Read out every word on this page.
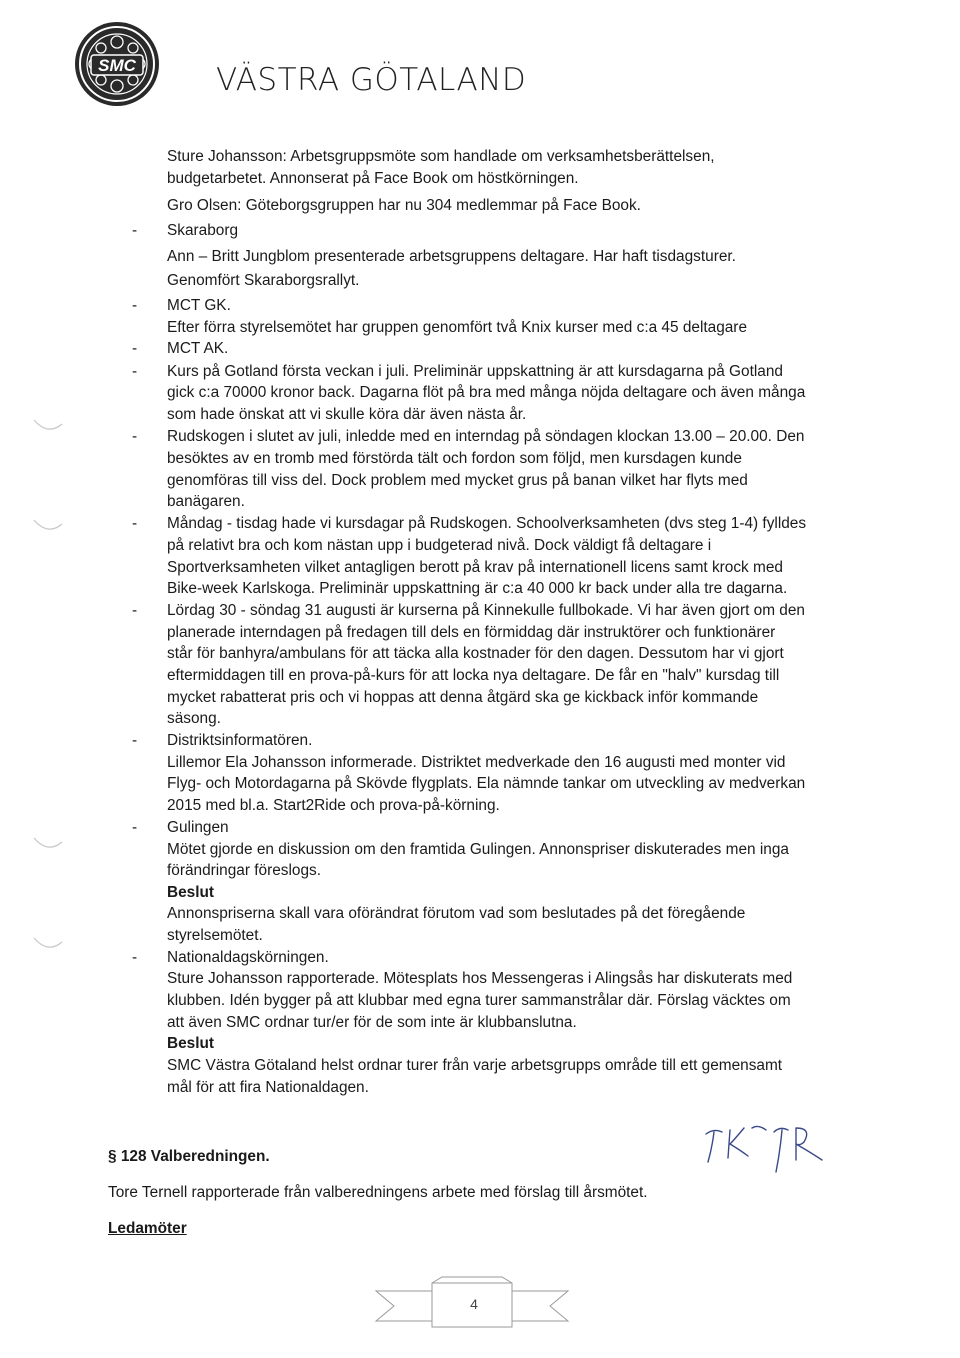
SMC	VÄSTRA GÖTALAND
Sture Johansson: Arbetsgruppsmöte som handlade om verksamhetsberättelsen,
budgetarbetet. Annonserat på Face Book om höstkörningen.
Gro Olsen: Göteborgsgruppen har nu 304 medlemmar på Face Book.
- Skaraborg
Ann – Britt Jungblom presenterade arbetsgruppens deltagare. Har haft tisdagsturer.
Genomfört Skaraborgsrallyt.
- MCT GK.
Efter förra styrelsemötet har gruppen genomfört två Knix kurser med c:a 45 deltagare
- MCT AK.
- Kurs på Gotland första veckan i juli. Preliminär uppskattning är att kursdagarna på Gotland
gick c:a 70000 kronor back. Dagarna flöt på bra med många nöjda deltagare och även många
som hade önskat att vi skulle köra där även nästa år.
- Rudskogen i slutet av juli, inledde med en interndag på söndagen klockan 13.00 – 20.00. Den
besöktes av en tromb med förstörda tält och fordon som följd, men kursdagen kunde
genomföras till viss del. Dock problem med mycket grus på banan vilket har flyts med
banägaren.
- Måndag - tisdag hade vi kursdagar på Rudskogen. Schoolverksamheten (dvs steg 1-4) fylldes
på relativt bra och kom nästan upp i budgeterad nivå. Dock väldigt få deltagare i
Sportverksamheten vilket antagligen berott på krav på internationell licens samt krock med
Bike-week Karlskoga. Preliminär uppskattning är c:a 40 000 kr back under alla tre dagarna.
- Lördag 30 - söndag 31 augusti är kurserna på Kinnekulle fullbokade. Vi har även gjort om den
planerade interndagen på fredagen till dels en förmiddag där instruktörer och funktionärer
står för banhyra/ambulans för att täcka alla kostnader för den dagen. Dessutom har vi gjort
eftermiddagen till en prova-på-kurs för att locka nya deltagare. De får en "halv" kursdag till
mycket rabatterat pris och vi hoppas att denna åtgärd ska ge kickback inför kommande
säsong.
- Distriktsinformatören.
Lillemor Ela Johansson informerade. Distriktet medverkade den 16 augusti med monter vid
Flyg- och Motordagarna på Skövde flygplats. Ela nämnde tankar om utveckling av medverkan
2015 med bl.a. Start2Ride och prova-på-körning.
- Gulingen
Mötet gjorde en diskussion om den framtida Gulingen. Annonspriser diskuterades men inga
förändringar föreslogs.
Beslut
Annonspriserna skall vara oförändrat förutom vad som beslutades på det föregående
styrelsemötet.
- Nationaldagskörningen.
Sture Johansson rapporterade. Mötesplats hos Messengeras i Alingsås har diskuterats med
klubben. Idén bygger på att klubbar med egna turer sammanstrålar där. Förslag väcktes om
att även SMC ordnar tur/er för de som inte är klubbanslutna.
Beslut
SMC Västra Götaland helst ordnar turer från varje arbetsgrupps område till ett gemensamt
mål för att fira Nationaldagen.
§ 128 Valberedningen.
Tore Ternell rapporterade från valberedningens arbete med förslag till årsmötet.
Ledamöter
4
